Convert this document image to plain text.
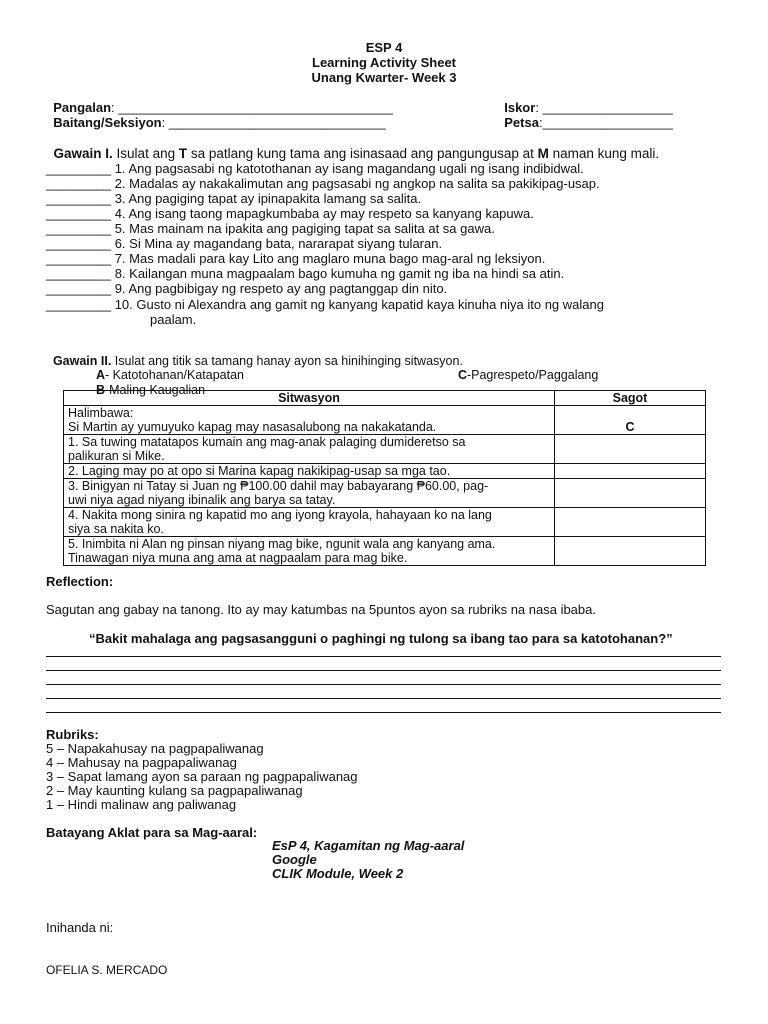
ESP 4
Learning Activity Sheet
Unang Kwarter- Week 3

Pangalan: ______________________________________	Iskor: __________________

Baitang/Seksiyon: ______________________________	Petsa:__________________

Gawain I. Isulat ang T sa patlang kung tama ang isinasaad ang pangungusap at M naman kung mali.

_________ 1. Ang pagsasabi ng katotothanan ay isang magandang ugali ng isang indibidwal.
_________ 2. Madalas ay nakakalimutan ang pagsasabi ng angkop na salita sa pakikipag-usap.
_________ 3. Ang pagiging tapat ay ipinapakita lamang sa salita.
_________ 4. Ang isang taong mapagkumbaba ay may respeto sa kanyang kapuwa.
_________ 5. Mas mainam na ipakita ang pagiging tapat sa salita at sa gawa.
_________ 6. Si Mina ay magandang bata, nararapat siyang tularan.
_________ 7. Mas madali para kay Lito ang maglaro muna bago mag-aral ng leksiyon.
_________ 8. Kailangan muna magpaalam bago kumuha ng gamit ng iba na hindi sa atin.
_________ 9. Ang pagbibigay ng respeto ay ang pagtanggap din nito.
_________ 10. Gusto ni Alexandra ang gamit ng kanyang kapatid kaya kinuha niya ito ng walang
paalam.

Gawain II. Isulat ang titik sa tamang hanay ayon sa hinihinging sitwasyon.

A- Katotohanan/Katapatan	C-Pagrespeto/Paggalang

B-Maling Kaugalian

Sitwasyon	Sagot

Halimbawa:
Si Martin ay yumuyuko kapag may nasasalubong na nakakatanda.	C
1. Sa tuwing matatapos kumain ang mag-anak palaging dumideretso sa
palikuran si Mike.	
2. Laging may po at opo si Marina kapag nakikipag-usap sa mga tao.	
3. Binigyan ni Tatay si Juan ng ₱100.00 dahil may babayarang ₱60.00, pag-
uwi niya agad niyang ibinalik ang barya sa tatay.	
4. Nakita mong sinira ng kapatid mo ang iyong krayola, hahayaan ko na lang
siya sa nakita ko.	
5. Inimbita ni Alan ng pinsan niyang mag bike, ngunit wala ang kanyang ama.
Tinawagan niya muna ang ama at nagpaalam para mag bike.	
Reflection:
Sagutan ang gabay na tanong. Ito ay may katumbas na 5puntos ayon sa rubriks na nasa ibaba.
“Bakit mahalaga ang pagsasangguni o paghingi ng tulong sa ibang tao para sa katotohanan?”
Rubriks:
5 – Napakahusay na pagpapaliwanag
4 – Mahusay na pagpapaliwanag
3 – Sapat lamang ayon sa paraan ng pagpapaliwanag
2 – May kaunting kulang sa pagpapaliwanag
1 – Hindi malinaw ang paliwanag
Batayang Aklat para sa Mag-aaral:
EsP 4, Kagamitan ng Mag-aaral
Google
CLIK Module, Week 2
Inihanda ni:
OFELIA S. MERCADO
